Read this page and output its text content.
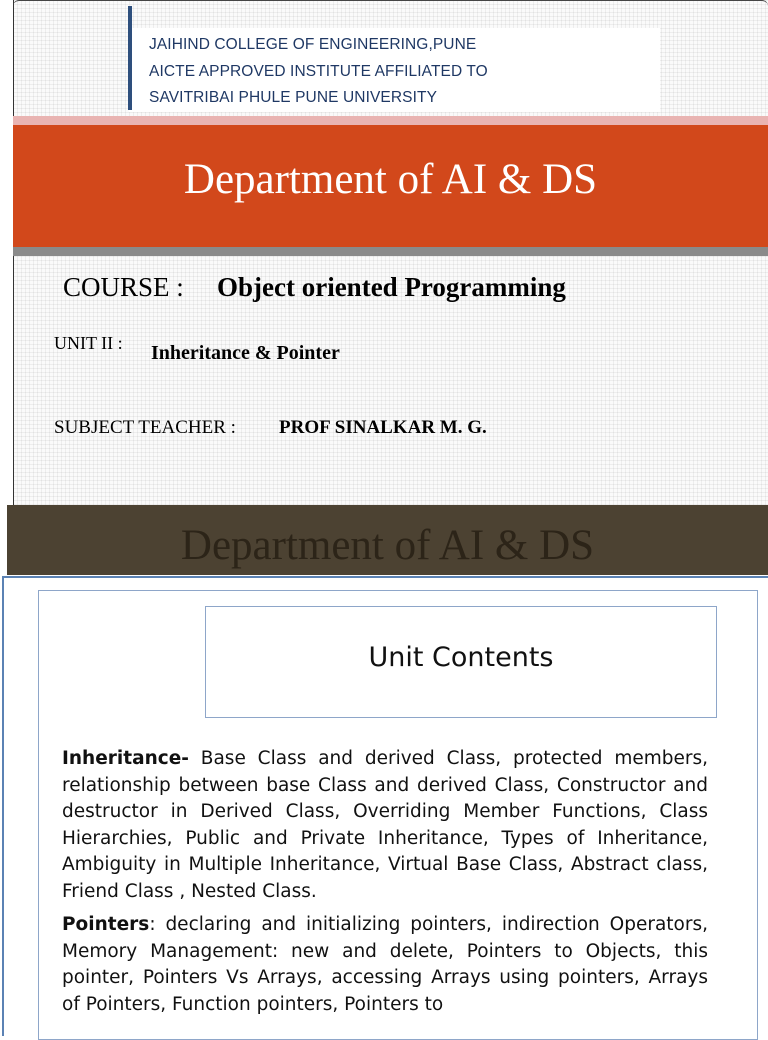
JAIHIND COLLEGE OF ENGINEERING,PUNE
AICTE APPROVED INSTITUTE AFFILIATED TO
SAVITRIBAI PHULE PUNE UNIVERSITY
Department of AI & DS
COURSE : Object oriented Programming
UNIT II : Inheritance & Pointer
SUBJECT TEACHER : PROF SINALKAR M. G.
Department of AI & DS
Unit Contents

Inheritance- Base Class and derived Class, protected members, relationship between base Class and derived Class, Constructor and destructor in Derived Class, Overriding Member Functions, Class Hierarchies, Public and Private Inheritance, Types of Inheritance, Ambiguity in Multiple Inheritance, Virtual Base Class, Abstract class, Friend Class , Nested Class.

Pointers: declaring and initializing pointers, indirection Operators, Memory Management: new and delete, Pointers to Objects, this pointer, Pointers Vs Arrays, accessing Arrays using pointers, Arrays of Pointers, Function pointers, Pointers to
